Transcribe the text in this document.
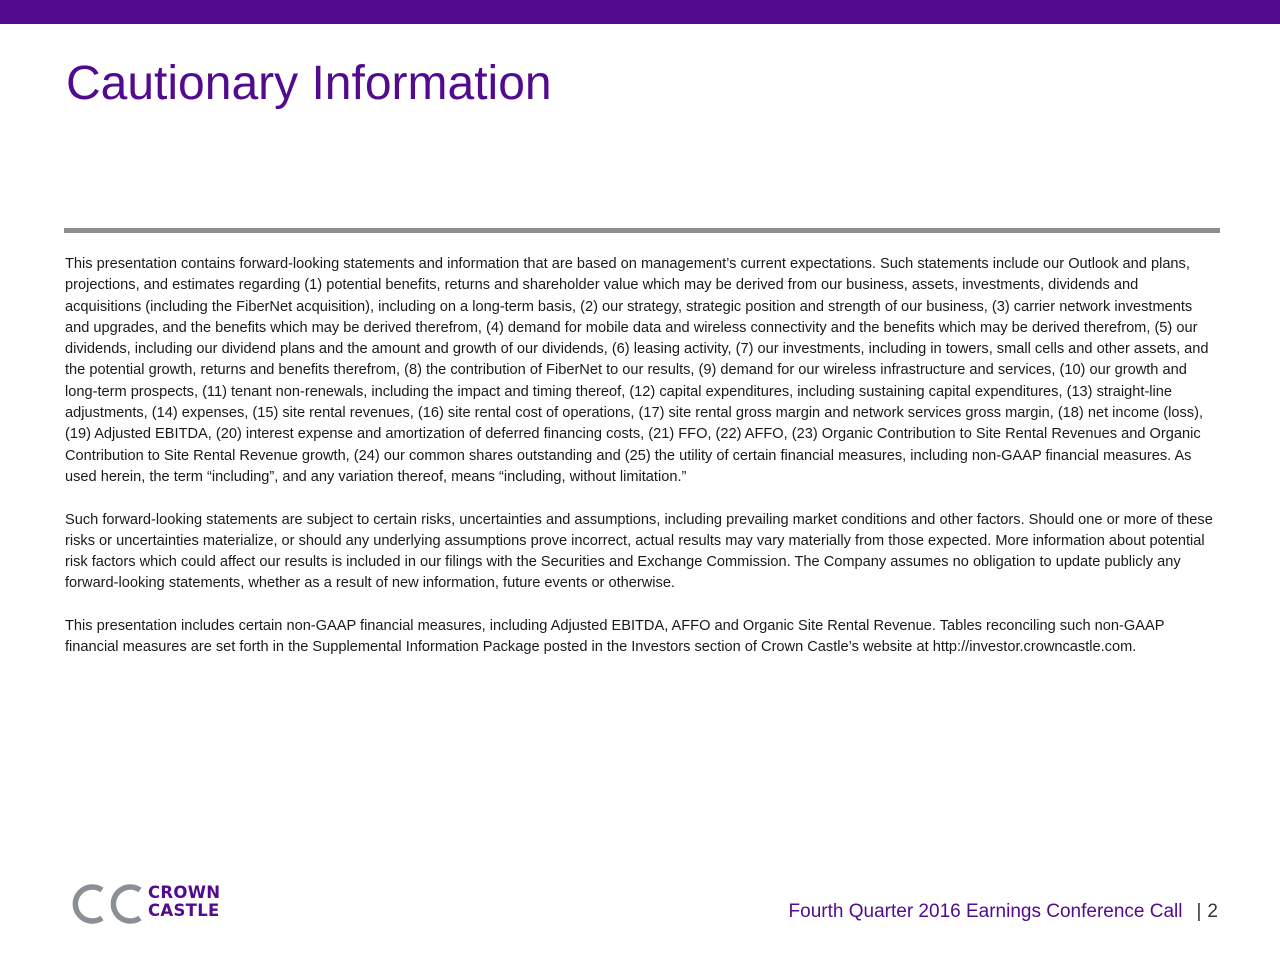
Cautionary Information

This presentation contains forward-looking statements and information that are based on management’s current expectations. Such statements include our Outlook and plans, projections, and estimates regarding (1) potential benefits, returns and shareholder value which may be derived from our business, assets, investments, dividends and acquisitions (including the FiberNet acquisition), including on a long-term basis, (2) our strategy, strategic position and strength of our business, (3) carrier network investments and upgrades, and the benefits which may be derived therefrom, (4) demand for mobile data and wireless connectivity and the benefits which may be derived therefrom, (5) our dividends, including our dividend plans and the amount and growth of our dividends, (6) leasing activity, (7) our investments, including in towers, small cells and other assets, and the potential growth, returns and benefits therefrom, (8) the contribution of FiberNet to our results, (9) demand for our wireless infrastructure and services, (10) our growth and long-term prospects, (11) tenant non-renewals, including the impact and timing thereof, (12) capital expenditures, including sustaining capital expenditures, (13) straight-line adjustments, (14) expenses, (15) site rental revenues, (16) site rental cost of operations, (17) site rental gross margin and network services gross margin, (18) net income (loss), (19) Adjusted EBITDA, (20) interest expense and amortization of deferred financing costs, (21) FFO, (22) AFFO, (23) Organic Contribution to Site Rental Revenues and Organic Contribution to Site Rental Revenue growth, (24) our common shares outstanding and (25) the utility of certain financial measures, including non-GAAP financial measures. As used herein, the term “including”, and any variation thereof, means “including, without limitation.”

Such forward-looking statements are subject to certain risks, uncertainties and assumptions, including prevailing market conditions and other factors. Should one or more of these risks or uncertainties materialize, or should any underlying assumptions prove incorrect, actual results may vary materially from those expected. More information about potential risk factors which could affect our results is included in our filings with the Securities and Exchange Commission. The Company assumes no obligation to update publicly any forward-looking statements, whether as a result of new information, future events or otherwise.

This presentation includes certain non-GAAP financial measures, including Adjusted EBITDA, AFFO and Organic Site Rental Revenue. Tables reconciling such non-GAAP financial measures are set forth in the Supplemental Information Package posted in the Investors section of Crown Castle’s website at http://investor.crowncastle.com.

CROWN
CASTLE	Fourth Quarter 2016 Earnings Conference Call | 2
